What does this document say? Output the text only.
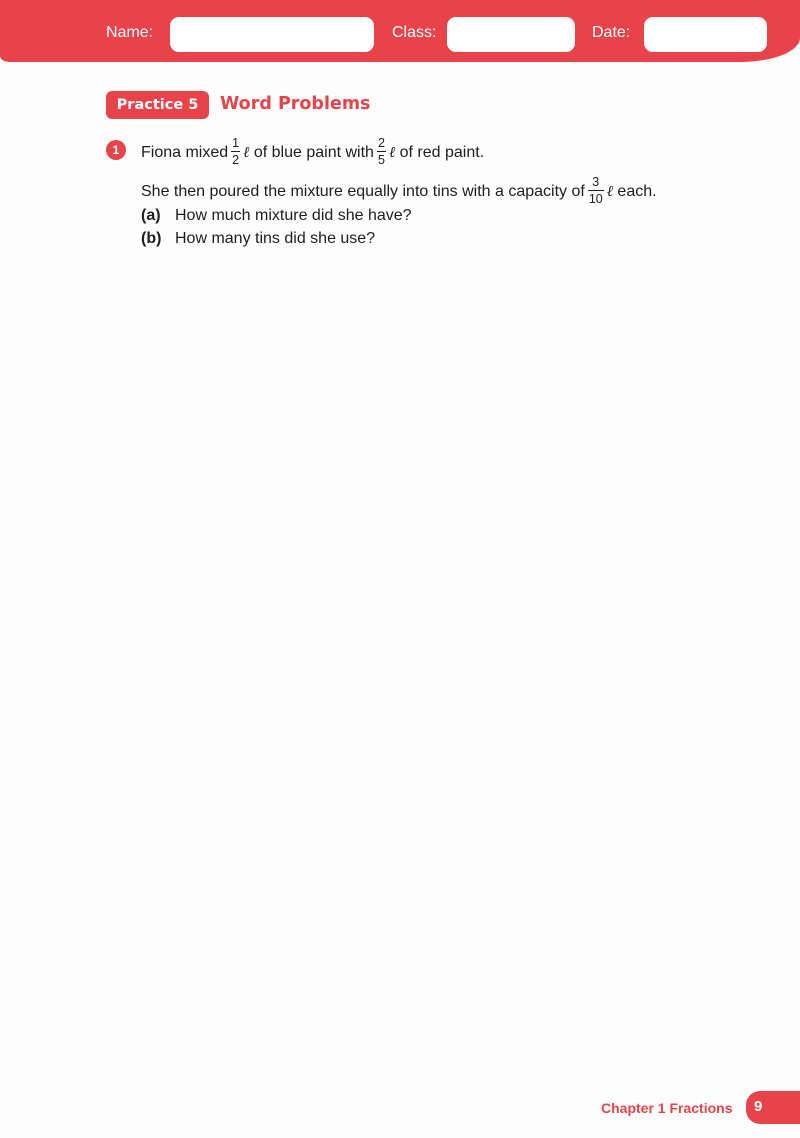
Name:	Class:	Date:
Practice 5	Word Problems
1	Fiona mixed $\frac{1}{2}$ ℓ of blue paint with $\frac{2}{5}$ ℓ of red paint.
She then poured the mixture equally into tins with a capacity of $\frac{3}{10}$ ℓ each.
(a) How much mixture did she have?
(b) How many tins did she use?
Chapter 1 Fractions 9
